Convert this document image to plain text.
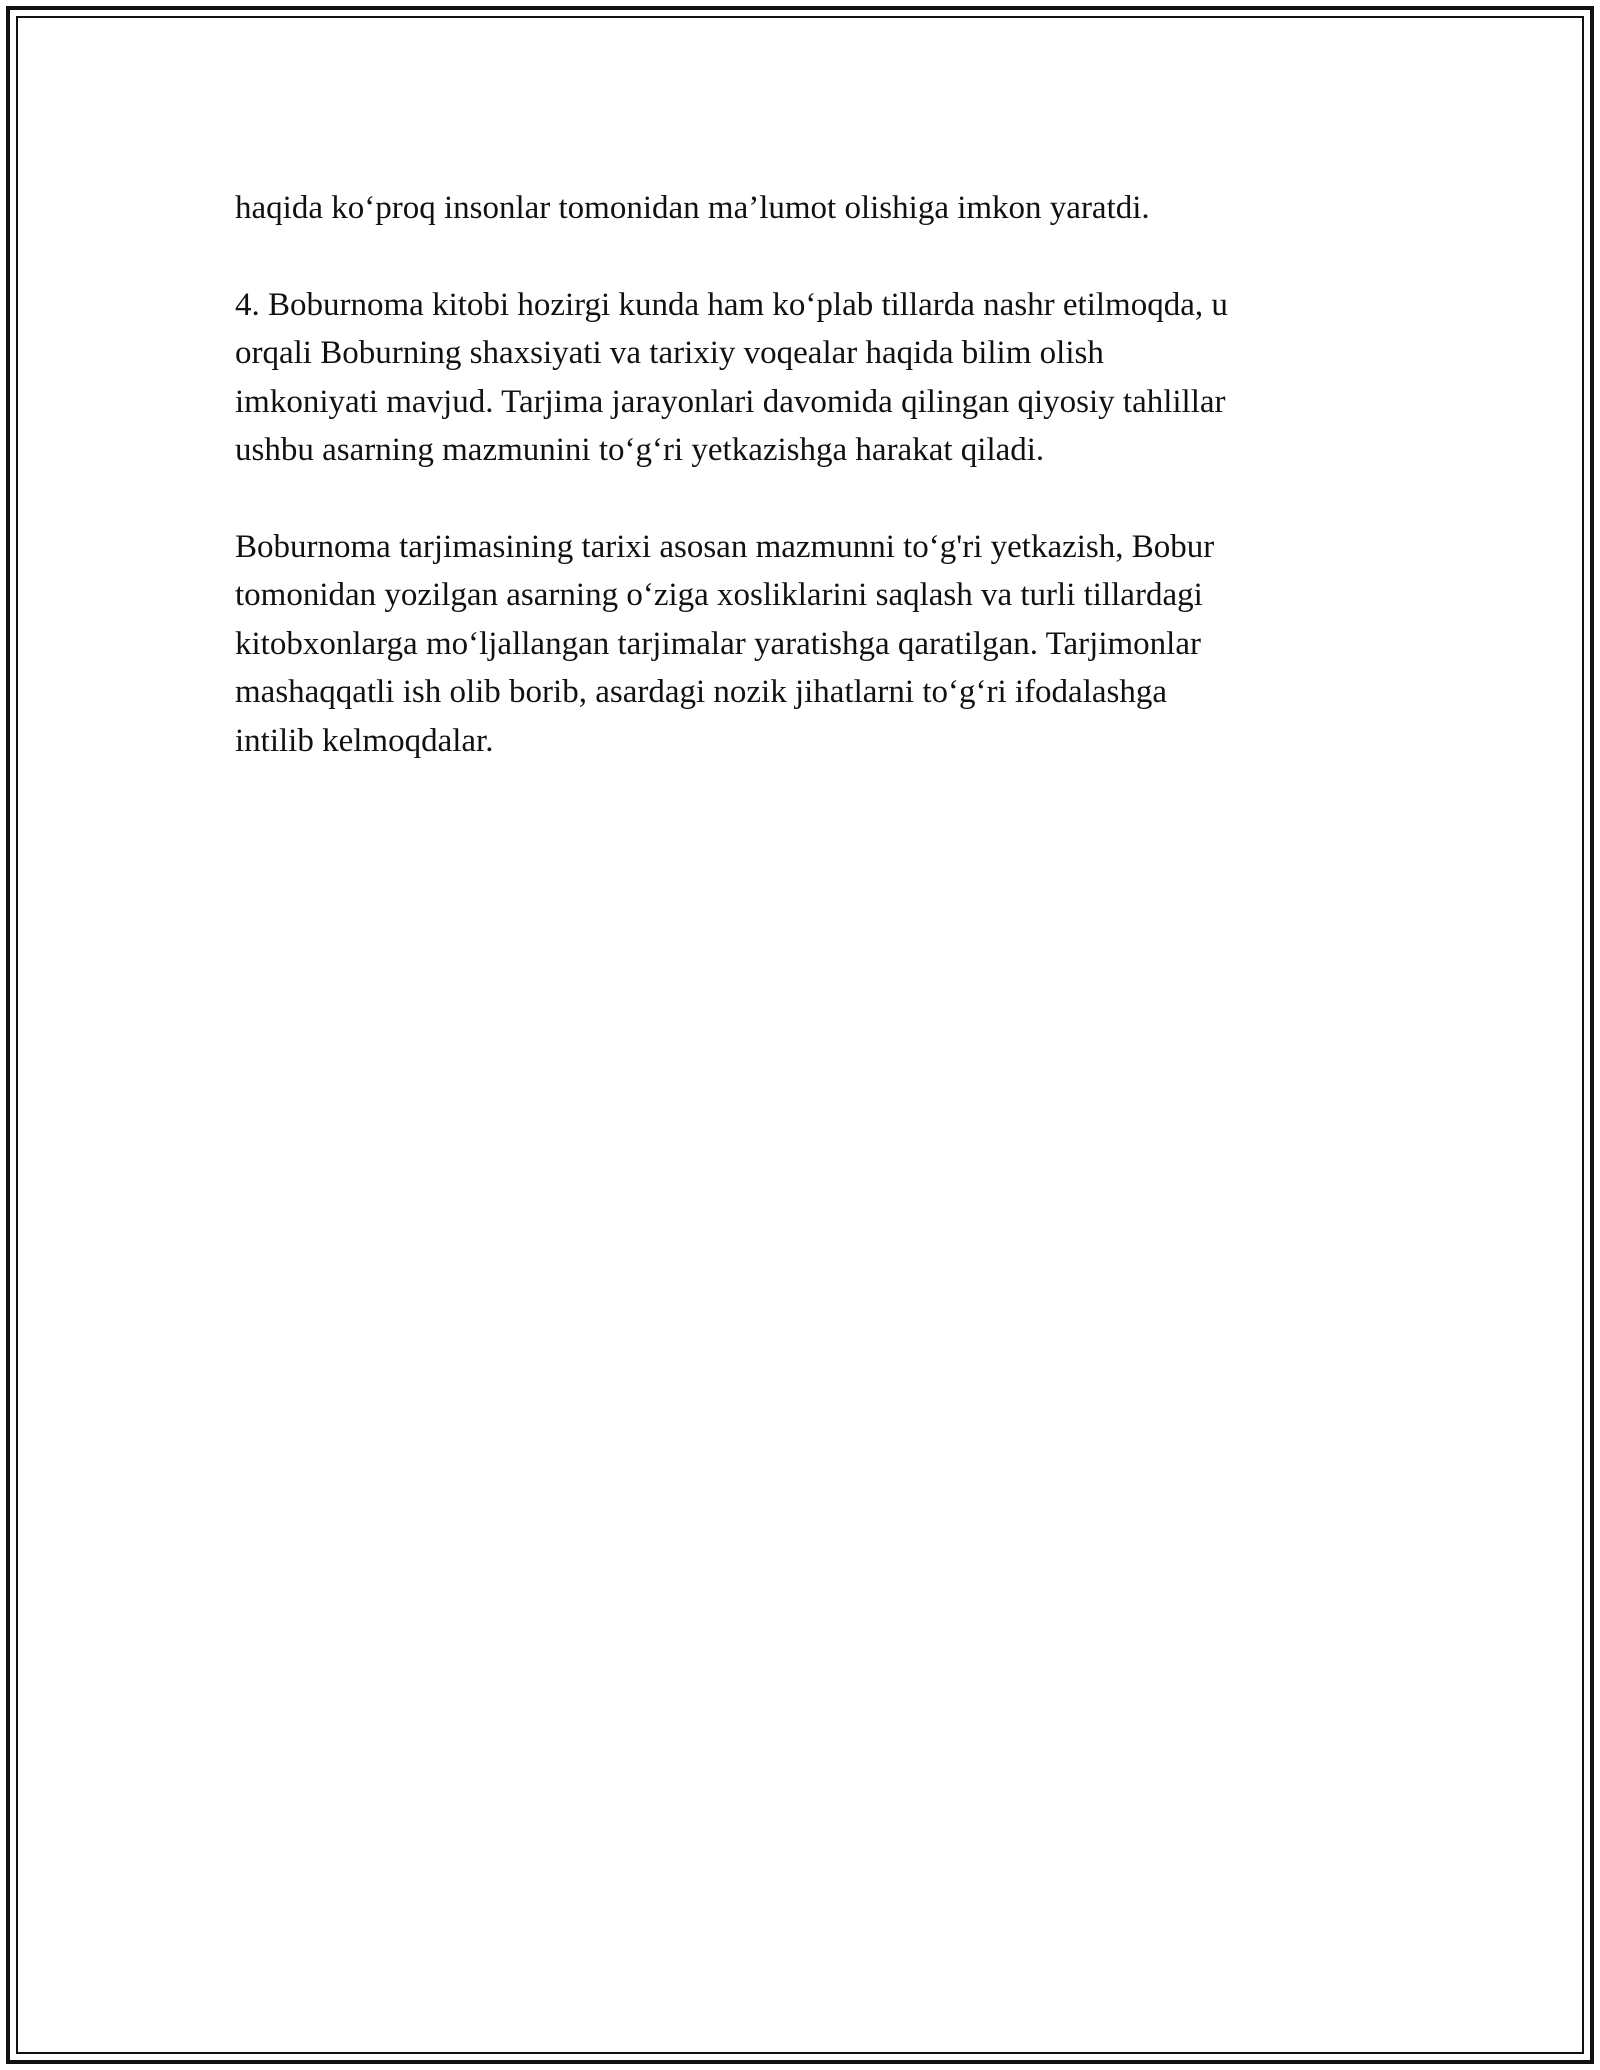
haqida ko‘proq insonlar tomonidan ma’lumot olishiga imkon yaratdi.

4. Boburnoma kitobi hozirgi kunda ham ko‘plab tillarda nashr etilmoqda, u

orqali Boburning shaxsiyati va tarixiy voqealar haqida bilim olish

imkoniyati mavjud. Tarjima jarayonlari davomida qilingan qiyosiy tahlillar

ushbu asarning mazmunini to‘g‘ri yetkazishga harakat qiladi.

Boburnoma tarjimasining tarixi asosan mazmunni to‘g'ri yetkazish, Bobur

tomonidan yozilgan asarning o‘ziga xosliklarini saqlash va turli tillardagi

kitobxonlarga mo‘ljallangan tarjimalar yaratishga qaratilgan. Tarjimonlar

mashaqqatli ish olib borib, asardagi nozik jihatlarni to‘g‘ri ifodalashga

intilib kelmoqdalar.
